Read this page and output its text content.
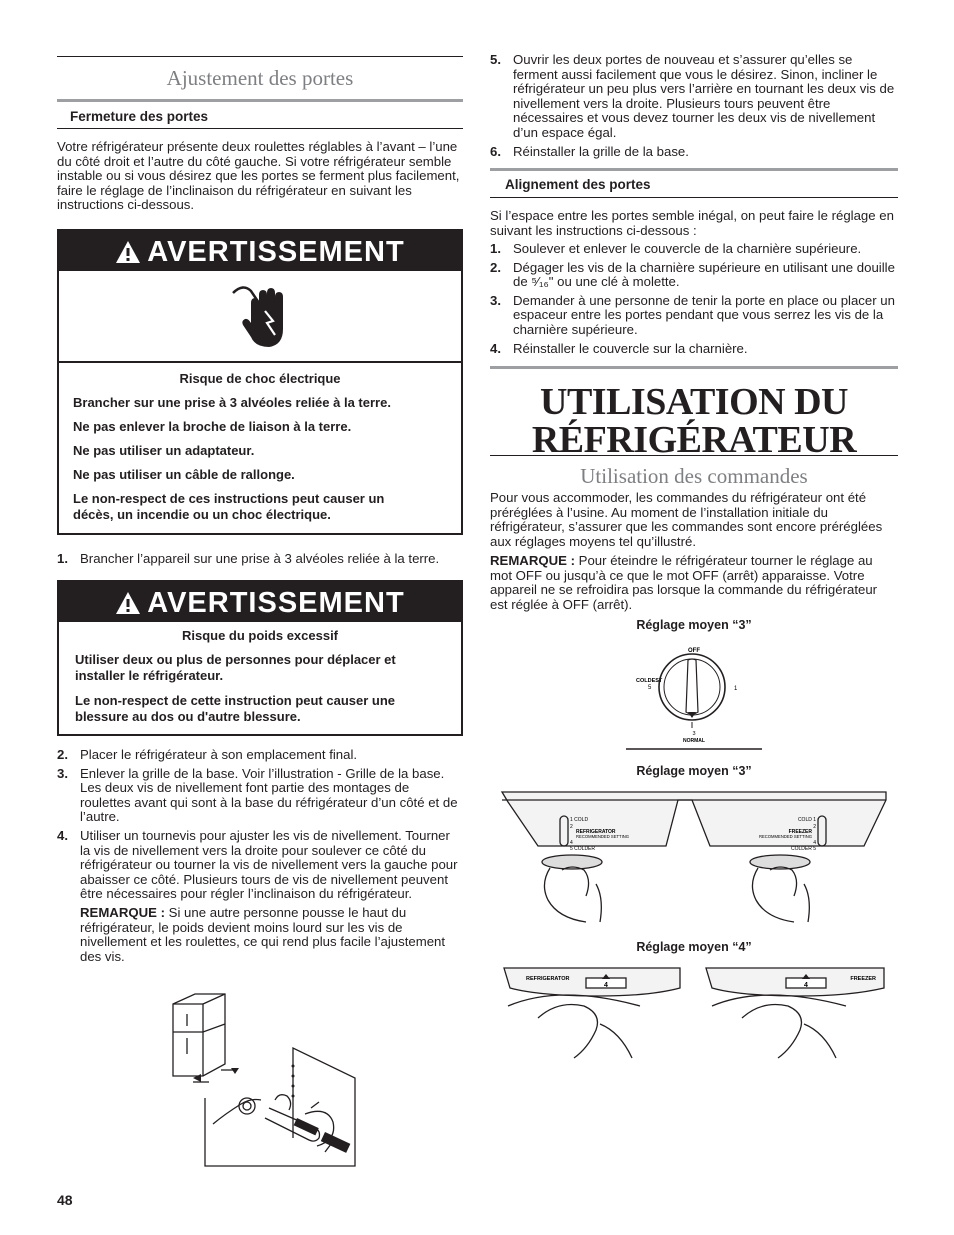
Ajustement des portes
Fermeture des portes
Votre réfrigérateur présente deux roulettes réglables à l’avant – l’une du côté droit et l’autre du côté gauche. Si votre réfrigérateur semble instable ou si vous désirez que les portes se ferment plus facilement, faire le réglage de l’inclinaison du réfrigérateur en suivant les instructions ci-dessous.
AVERTISSEMENT
Risque de choc électrique
Brancher sur une prise à 3 alvéoles reliée à la terre.
Ne pas enlever la broche de liaison à la terre.
Ne pas utiliser un adaptateur.
Ne pas utiliser un câble de rallonge.
Le non-respect de ces instructions peut causer un décès, un incendie ou un choc électrique.
1. Brancher l’appareil sur une prise à 3 alvéoles reliée à la terre.
AVERTISSEMENT
Risque du poids excessif
Utiliser deux ou plus de personnes pour déplacer et installer le réfrigérateur.
Le non-respect de cette instruction peut causer une blessure au dos ou d'autre blessure.
2. Placer le réfrigérateur à son emplacement final.
3. Enlever la grille de la base. Voir l’illustration - Grille de la base. Les deux vis de nivellement font partie des montages de roulettes avant qui sont à la base du réfrigérateur d’un côté et de l’autre.
4. Utiliser un tournevis pour ajuster les vis de nivellement. Tourner la vis de nivellement vers la droite pour soulever ce côté du réfrigérateur ou tourner la vis de nivellement vers la gauche pour abaisser ce côté. Plusieurs tours de vis de nivellement peuvent être nécessaires pour régler l’inclinaison du réfrigérateur.
REMARQUE : Si une autre personne pousse le haut du réfrigérateur, le poids devient moins lourd sur les vis de nivellement et les roulettes, ce qui rend plus facile l’ajustement des vis.
48
5. Ouvrir les deux portes de nouveau et s’assurer qu’elles se ferment aussi facilement que vous le désirez. Sinon, incliner le réfrigérateur un peu plus vers l’arrière en tournant les deux vis de nivellement vers la droite. Plusieurs tours peuvent être nécessaires et vous devez tourner les deux vis de nivellement d’un espace égal.
6. Réinstaller la grille de la base.
Alignement des portes
Si l’espace entre les portes semble inégal, on peut faire le réglage en suivant les instructions ci-dessous :
1. Soulever et enlever le couvercle de la charnière supérieure.
2. Dégager les vis de la charnière supérieure en utilisant une douille de ⁵⁄₁₆" ou une clé à molette.
3. Demander à une personne de tenir la porte en place ou placer un espaceur entre les portes pendant que vous serrez les vis de la charnière supérieure.
4. Réinstaller le couvercle sur la charnière.
UTILISATION DU
RÉFRIGÉRATEUR
Utilisation des commandes
Pour vous accommoder, les commandes du réfrigérateur ont été préréglées à l’usine. Au moment de l’installation initiale du réfrigérateur, s’assurer que les commandes sont encore préréglées aux réglages moyens tel qu’illustré.
REMARQUE : Pour éteindre le réfrigérateur tourner le réglage au mot OFF ou jusqu’à ce que le mot OFF (arrêt) apparaisse. Votre appareil ne se refroidira pas lorsque la commande du réfrigérateur est réglée à OFF (arrêt).
Réglage moyen “3”
OFF
COLDEST
5	1
3
NORMAL
Réglage moyen “3”
1 COLD
2
REFRIGERATOR
RECOMMENDED SETTING
4
5 COLDER
COLD 1
2
FREEZER
RECOMMENDED SETTING
4
COLDER 5
Réglage moyen “4”
REFRIGERATOR
4
FREEZER
4
